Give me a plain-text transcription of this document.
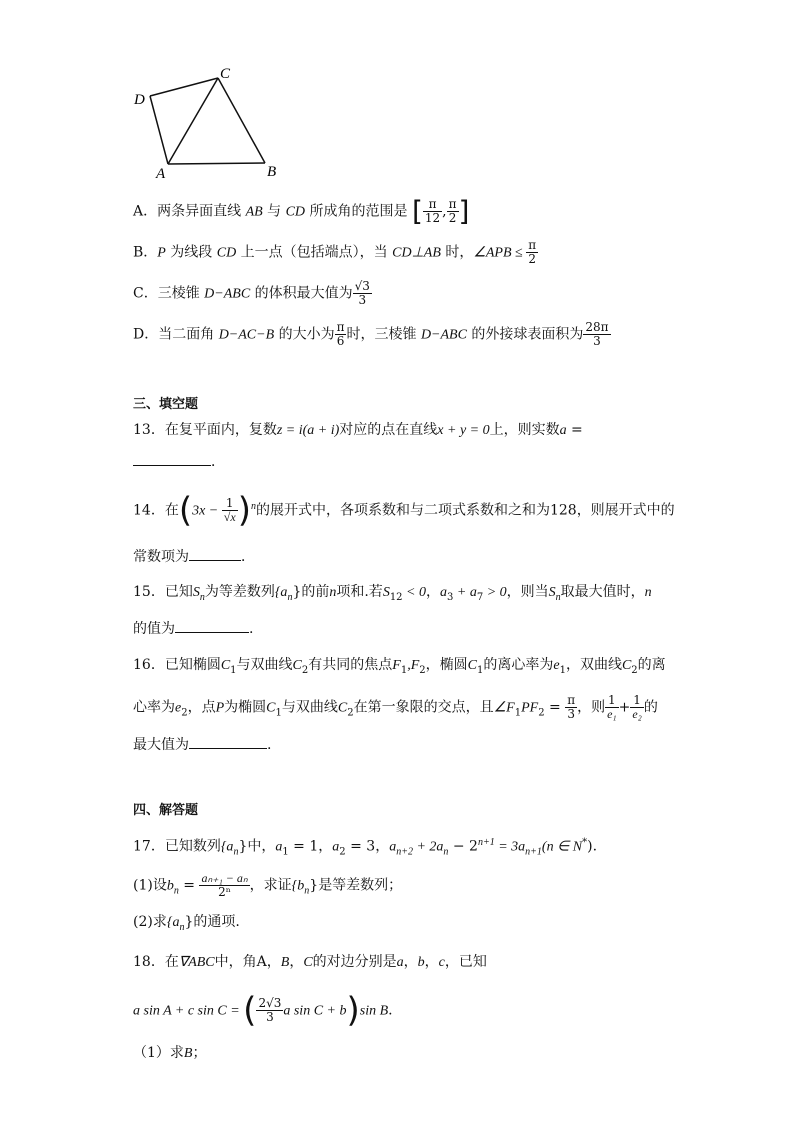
D
C
A	B
A．两条异面直线 AB 与 CD 所成角的范围是 [ $\frac{\pi}{12}$ , $\frac{\pi}{2}$ ]
B．P 为线段 CD 上一点（包括端点），当 CD⊥AB 时，∠APB ≤ $\frac{\pi}{2}$
C．三棱锥 D−ABC 的体积最大值为 $\frac{√3}{3}$
D．当二面角 D−AC−B 的大小为 $\frac{\pi}{6}$ 时，三棱锥 D−ABC 的外接球表面积为 $\frac{28\pi}{3}$
三、填空题
13．在复平面内，复数z = i(a + i)对应的点在直线x + y = 0上，则实数a =
．
14．在$(3x - \frac{1}{√x} )^n$的展开式中，各项系数和与二项式系数和之和为128，则展开式中的
常数项为	．
15．已知$S_n$为等差数列$\{a_n\}$的前n项和.若$S_{12} < 0$，$a_3 + a_7 > 0$，则当$S_n$取最大值时，n
的值为	.
16．已知椭圆$C_1$与双曲线$C_2$有共同的焦点$F_1,F_2$，椭圆$C_1$的离心率为$e_1$，双曲线$C_2$的离
心率为$e_2$，点P为椭圆$C_1$与双曲线$C_2$在第一象限的交点，且$\angle F_1PF_2 = \frac{\pi}{3}$ ，则 $\frac{1}{\text{e₁}} + \frac{1}{\text{e₂}}$ 的
最大值为	.
四、解答题
17．已知数列$\{a_n\}$中，$a_1 = 1$，$a_2 = 3$，$a_{n+2} + 2a_n - 2^{n+1} = 3a_{n+1}(n$ ∈ N*).
(1)设$b_n = \frac{\text{aₙ₊₁ − aₙ}}{\text{2ⁿ}}$ ，求证$\{b_n\}$是等差数列；
(2)求$\{a_n\}$的通项.
18．在∇ABC中，角A，B，C的对边分别是a，b，c，已知
a sin A + c sin C = ( $\frac{2√3}{3}$ a sin C + b)sin B.
（1）求B；
